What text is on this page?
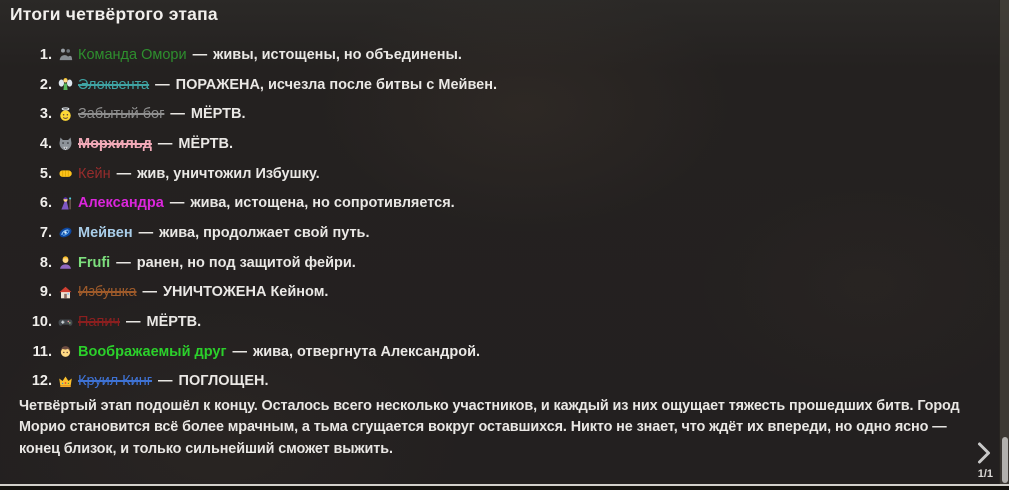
Итоги четвёртого этапа
1. Команда Омори — живы, истощены, но объединены.
2. Элоквента — ПОРАЖЕНА, исчезла после битвы с Мейвен.
3. Забытый бог — МЁРТВ.
4. Морхильд — МЁРТВ.
5. Кейн — жив, уничтожил Избушку.
6. Александра — жива, истощена, но сопротивляется.
7. Мейвен — жива, продолжает свой путь.
8. Frufi — ранен, но под защитой фейри.
9. Избушка — УНИЧТОЖЕНА Кейном.
10. Папич — МЁРТВ.
11. Воображаемый друг — жива, отвергнута Александрой.
12. Круил Кинг — ПОГЛОЩЕН.

Четвёртый этап подошёл к концу. Осталось всего несколько участников, и каждый из них ощущает тяжесть прошедших битв. Город Морио становится всё более мрачным, а тьма сгущается вокруг оставшихся. Никто не знает, что ждёт их впереди, но одно ясно — конец близок, и только сильнейший сможет выжить.

1/1
